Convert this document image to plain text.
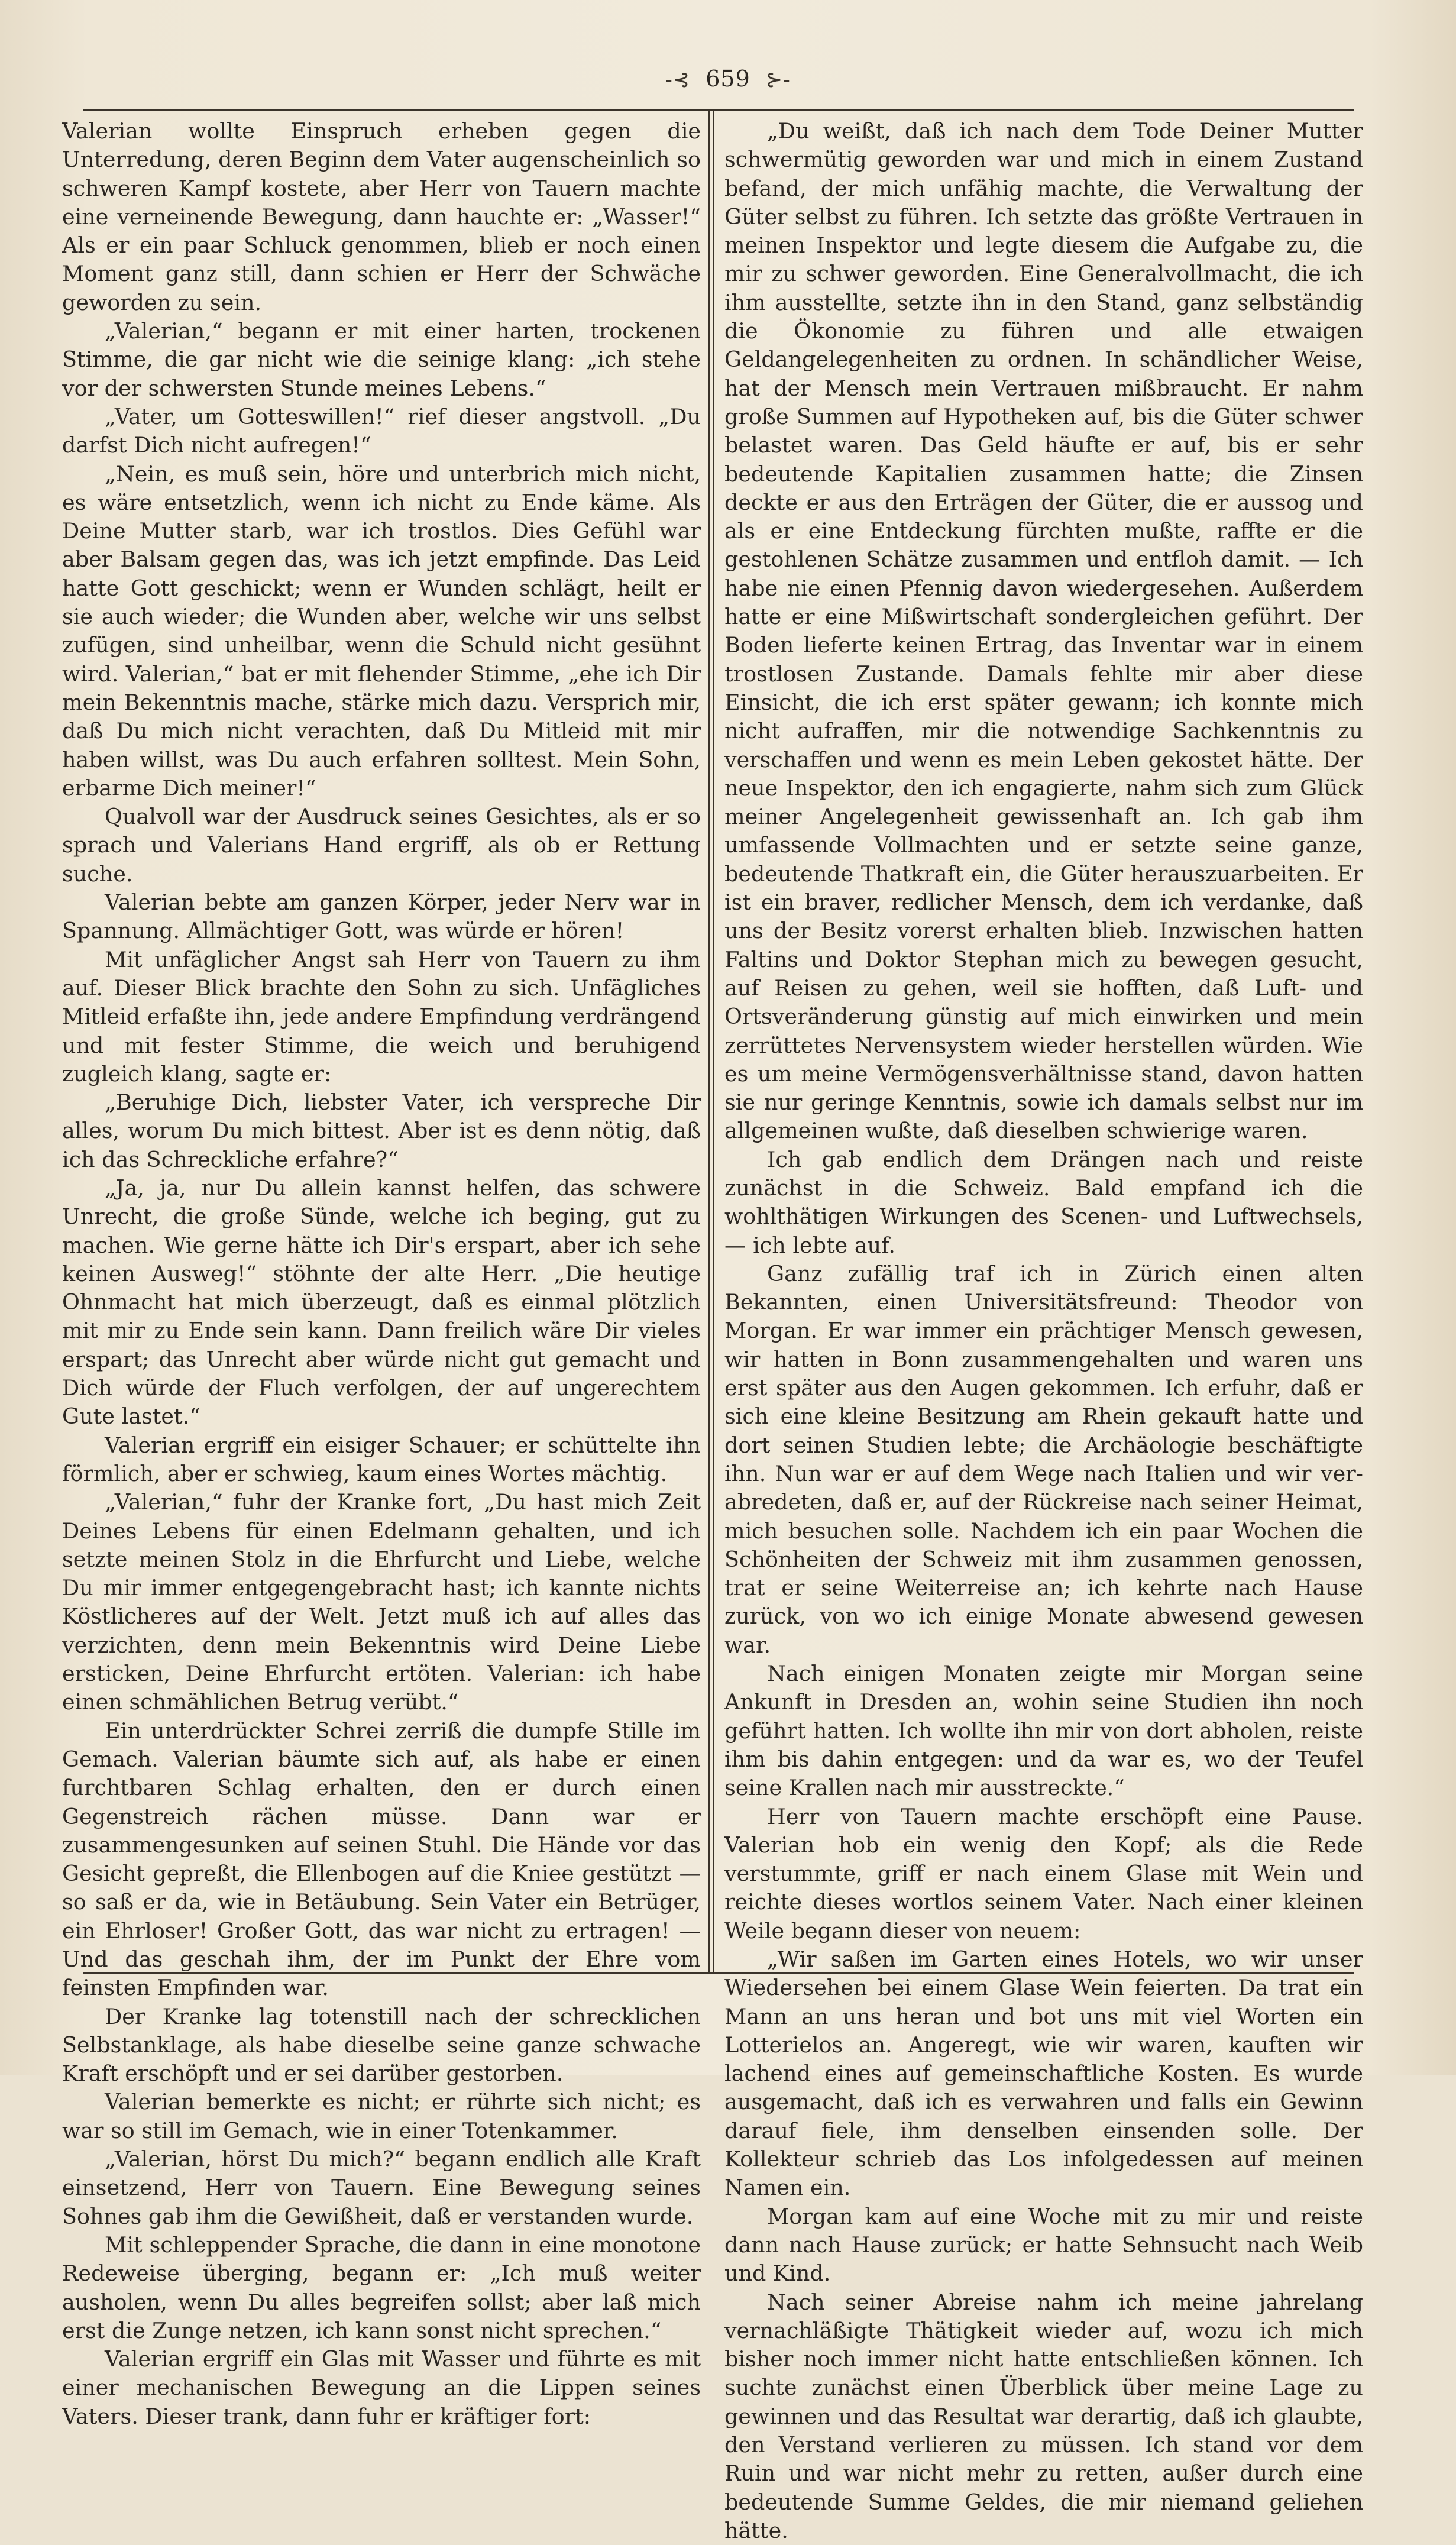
-⊰ 659 ⊱-

Valerian wollte Einspruch erheben gegen die Unterredung, deren Beginn dem Vater augenscheinlich so schweren Kampf kostete, aber Herr von Tauern machte eine verneinende Bewegung, dann hauchte er: „Wasser!“ Als er ein paar Schluck genommen, blieb er noch einen Moment ganz still, dann schien er Herr der Schwäche geworden zu sein.

„Valerian,“ begann er mit einer harten, trockenen Stimme, die gar nicht wie die seinige klang: „ich stehe vor der schwersten Stunde meines Lebens.“

„Vater, um Gotteswillen!“ rief dieser angstvoll. „Du darfst Dich nicht aufregen!“

„Nein, es muß sein, höre und unterbrich mich nicht, es wäre entsetzlich, wenn ich nicht zu Ende käme. Als Deine Mutter starb, war ich trostlos. Dies Gefühl war aber Balsam gegen das, was ich jetzt empfinde. Das Leid hatte Gott geschickt; wenn er Wunden schlägt, heilt er sie auch wieder; die Wunden aber, welche wir uns selbst zufügen, sind unheilbar, wenn die Schuld nicht gesühnt wird. Valerian,“ bat er mit flehender Stimme, „ehe ich Dir mein Bekenntnis mache, stärke mich dazu. Versprich mir, daß Du mich nicht verachten, daß Du Mitleid mit mir haben willst, was Du auch erfahren solltest. Mein Sohn, erbarme Dich meiner!“

Qualvoll war der Ausdruck seines Gesichtes, als er so sprach und Valerians Hand ergriff, als ob er Rettung suche.

Valerian bebte am ganzen Körper, jeder Nerv war in Spannung. Allmächtiger Gott, was würde er hören!

Mit unfäglicher Angst sah Herr von Tauern zu ihm auf. Dieser Blick brachte den Sohn zu sich. Unfägliches Mitleid erfaßte ihn, jede andere Empfindung verdrängend und mit fester Stimme, die weich und beruhigend zugleich klang, sagte er:

„Beruhige Dich, liebster Vater, ich verspreche Dir alles, worum Du mich bittest. Aber ist es denn nötig, daß ich das Schreckliche erfahre?“

„Ja, ja, nur Du allein kannst helfen, das schwere Unrecht, die große Sünde, welche ich beging, gut zu machen. Wie gerne hätte ich Dir's erspart, aber ich sehe keinen Ausweg!“ stöhnte der alte Herr. „Die heutige Ohnmacht hat mich überzeugt, daß es einmal plötzlich mit mir zu Ende sein kann. Dann freilich wäre Dir vieles erspart; das Unrecht aber würde nicht gut gemacht und Dich würde der Fluch verfolgen, der auf ungerechtem Gute lastet.“

Valerian ergriff ein eisiger Schauer; er schüttelte ihn förmlich, aber er schwieg, kaum eines Wortes mächtig.

„Valerian,“ fuhr der Kranke fort, „Du hast mich Zeit Deines Lebens für einen Edelmann gehalten, und ich setzte meinen Stolz in die Ehrfurcht und Liebe, welche Du mir immer entgegengebracht hast; ich kannte nichts Köstlicheres auf der Welt. Jetzt muß ich auf alles das verzichten, denn mein Bekenntnis wird Deine Liebe ersticken, Deine Ehrfurcht ertöten. Valerian: ich habe einen schmählichen Betrug verübt.“

Ein unterdrückter Schrei zerriß die dumpfe Stille im Gemach. Valerian bäumte sich auf, als habe er einen furchtbaren Schlag erhalten, den er durch einen Gegenstreich rächen müsse. Dann war er zusammengesunken auf seinen Stuhl. Die Hände vor das Gesicht gepreßt, die Ellenbogen auf die Kniee gestützt — so saß er da, wie in Betäubung. Sein Vater ein Betrüger, ein Ehrloser! Großer Gott, das war nicht zu ertragen! — Und das geschah ihm, der im Punkt der Ehre vom feinsten Empfinden war.

Der Kranke lag totenstill nach der schrecklichen Selbstanklage, als habe dieselbe seine ganze schwache Kraft erschöpft und er sei darüber gestorben.

Valerian bemerkte es nicht; er rührte sich nicht; es war so still im Gemach, wie in einer Totenkammer.

„Valerian, hörst Du mich?“ begann endlich alle Kraft einsetzend, Herr von Tauern. Eine Bewegung seines Sohnes gab ihm die Gewißheit, daß er verstanden wurde.

Mit schleppender Sprache, die dann in eine monotone Redeweise überging, begann er: „Ich muß weiter ausholen, wenn Du alles begreifen sollst; aber laß mich erst die Zunge netzen, ich kann sonst nicht sprechen.“

Valerian ergriff ein Glas mit Wasser und führte es mit einer mechanischen Bewegung an die Lippen seines Vaters. Dieser trank, dann fuhr er kräftiger fort:

„Du weißt, daß ich nach dem Tode Deiner Mutter schwermütig geworden war und mich in einem Zustand befand, der mich unfähig machte, die Verwaltung der Güter selbst zu führen. Ich setzte das größte Vertrauen in meinen Inspektor und legte diesem die Aufgabe zu, die mir zu schwer geworden. Eine Generalvollmacht, die ich ihm ausstellte, setzte ihn in den Stand, ganz selbständig die Ökonomie zu führen und alle etwaigen Geldangelegenheiten zu ordnen. In schändlicher Weise, hat der Mensch mein Vertrauen mißbraucht. Er nahm große Summen auf Hypotheken auf, bis die Güter schwer belastet waren. Das Geld häufte er auf, bis er sehr bedeutende Kapitalien zusammen hatte; die Zinsen deckte er aus den Erträgen der Güter, die er aussog und als er eine Entdeckung fürchten mußte, raffte er die gestohlenen Schätze zusammen und entfloh damit. — Ich habe nie einen Pfennig davon wiedergesehen. Außerdem hatte er eine Mißwirtschaft sondergleichen geführt. Der Boden lieferte keinen Ertrag, das Inventar war in einem trostlosen Zustande. Damals fehlte mir aber diese Einsicht, die ich erst später gewann; ich konnte mich nicht aufraffen, mir die notwendige Sachkenntnis zu verschaffen und wenn es mein Leben gekostet hätte. Der neue Inspektor, den ich engagierte, nahm sich zum Glück meiner Angelegenheit gewissenhaft an. Ich gab ihm umfassende Vollmachten und er setzte seine ganze, bedeutende Thatkraft ein, die Güter herauszuarbeiten. Er ist ein braver, redlicher Mensch, dem ich verdanke, daß uns der Besitz vorerst erhalten blieb. Inzwischen hatten Faltins und Doktor Stephan mich zu bewegen gesucht, auf Reisen zu gehen, weil sie hofften, daß Luft- und Ortsveränderung günstig auf mich einwirken und mein zerrüttetes Nervensystem wieder herstellen würden. Wie es um meine Vermögensverhältnisse stand, davon hatten sie nur geringe Kenntnis, sowie ich damals selbst nur im allgemeinen wußte, daß dieselben schwierige waren.

Ich gab endlich dem Drängen nach und reiste zunächst in die Schweiz. Bald empfand ich die wohlthätigen Wirkungen des Scenen- und Luftwechsels, — ich lebte auf.

Ganz zufällig traf ich in Zürich einen alten Bekannten, einen Universitätsfreund: Theodor von Morgan. Er war immer ein prächtiger Mensch gewesen, wir hatten in Bonn zusammengehalten und waren uns erst später aus den Augen gekommen. Ich erfuhr, daß er sich eine kleine Besitzung am Rhein gekauft hatte und dort seinen Studien lebte; die Archäologie beschäftigte ihn. Nun war er auf dem Wege nach Italien und wir verabredeten, daß er, auf der Rückreise nach seiner Heimat, mich besuchen solle. Nachdem ich ein paar Wochen die Schönheiten der Schweiz mit ihm zusammen genossen, trat er seine Weiterreise an; ich kehrte nach Hause zurück, von wo ich einige Monate abwesend gewesen war.

Nach einigen Monaten zeigte mir Morgan seine Ankunft in Dresden an, wohin seine Studien ihn noch geführt hatten. Ich wollte ihn mir von dort abholen, reiste ihm bis dahin entgegen: und da war es, wo der Teufel seine Krallen nach mir ausstreckte.“

Herr von Tauern machte erschöpft eine Pause. Valerian hob ein wenig den Kopf; als die Rede verstummte, griff er nach einem Glase mit Wein und reichte dieses wortlos seinem Vater. Nach einer kleinen Weile begann dieser von neuem:

„Wir saßen im Garten eines Hotels, wo wir unser Wiedersehen bei einem Glase Wein feierten. Da trat ein Mann an uns heran und bot uns mit viel Worten ein Lotterielos an. Angeregt, wie wir waren, kauften wir lachend eines auf gemeinschaftliche Kosten. Es wurde ausgemacht, daß ich es verwahren und falls ein Gewinn darauf fiele, ihm denselben einsenden solle. Der Kollekteur schrieb das Los infolgedessen auf meinen Namen ein.

Morgan kam auf eine Woche mit zu mir und reiste dann nach Hause zurück; er hatte Sehnsucht nach Weib und Kind.

Nach seiner Abreise nahm ich meine jahrelang vernachläßigte Thätigkeit wieder auf, wozu ich mich bisher noch immer nicht hatte entschließen können. Ich suchte zunächst einen Überblick über meine Lage zu gewinnen und das Resultat war derartig, daß ich glaubte, den Verstand verlieren zu müssen. Ich stand vor dem Ruin und war nicht mehr zu retten, außer durch eine bedeutende Summe Geldes, die mir niemand geliehen hätte.
